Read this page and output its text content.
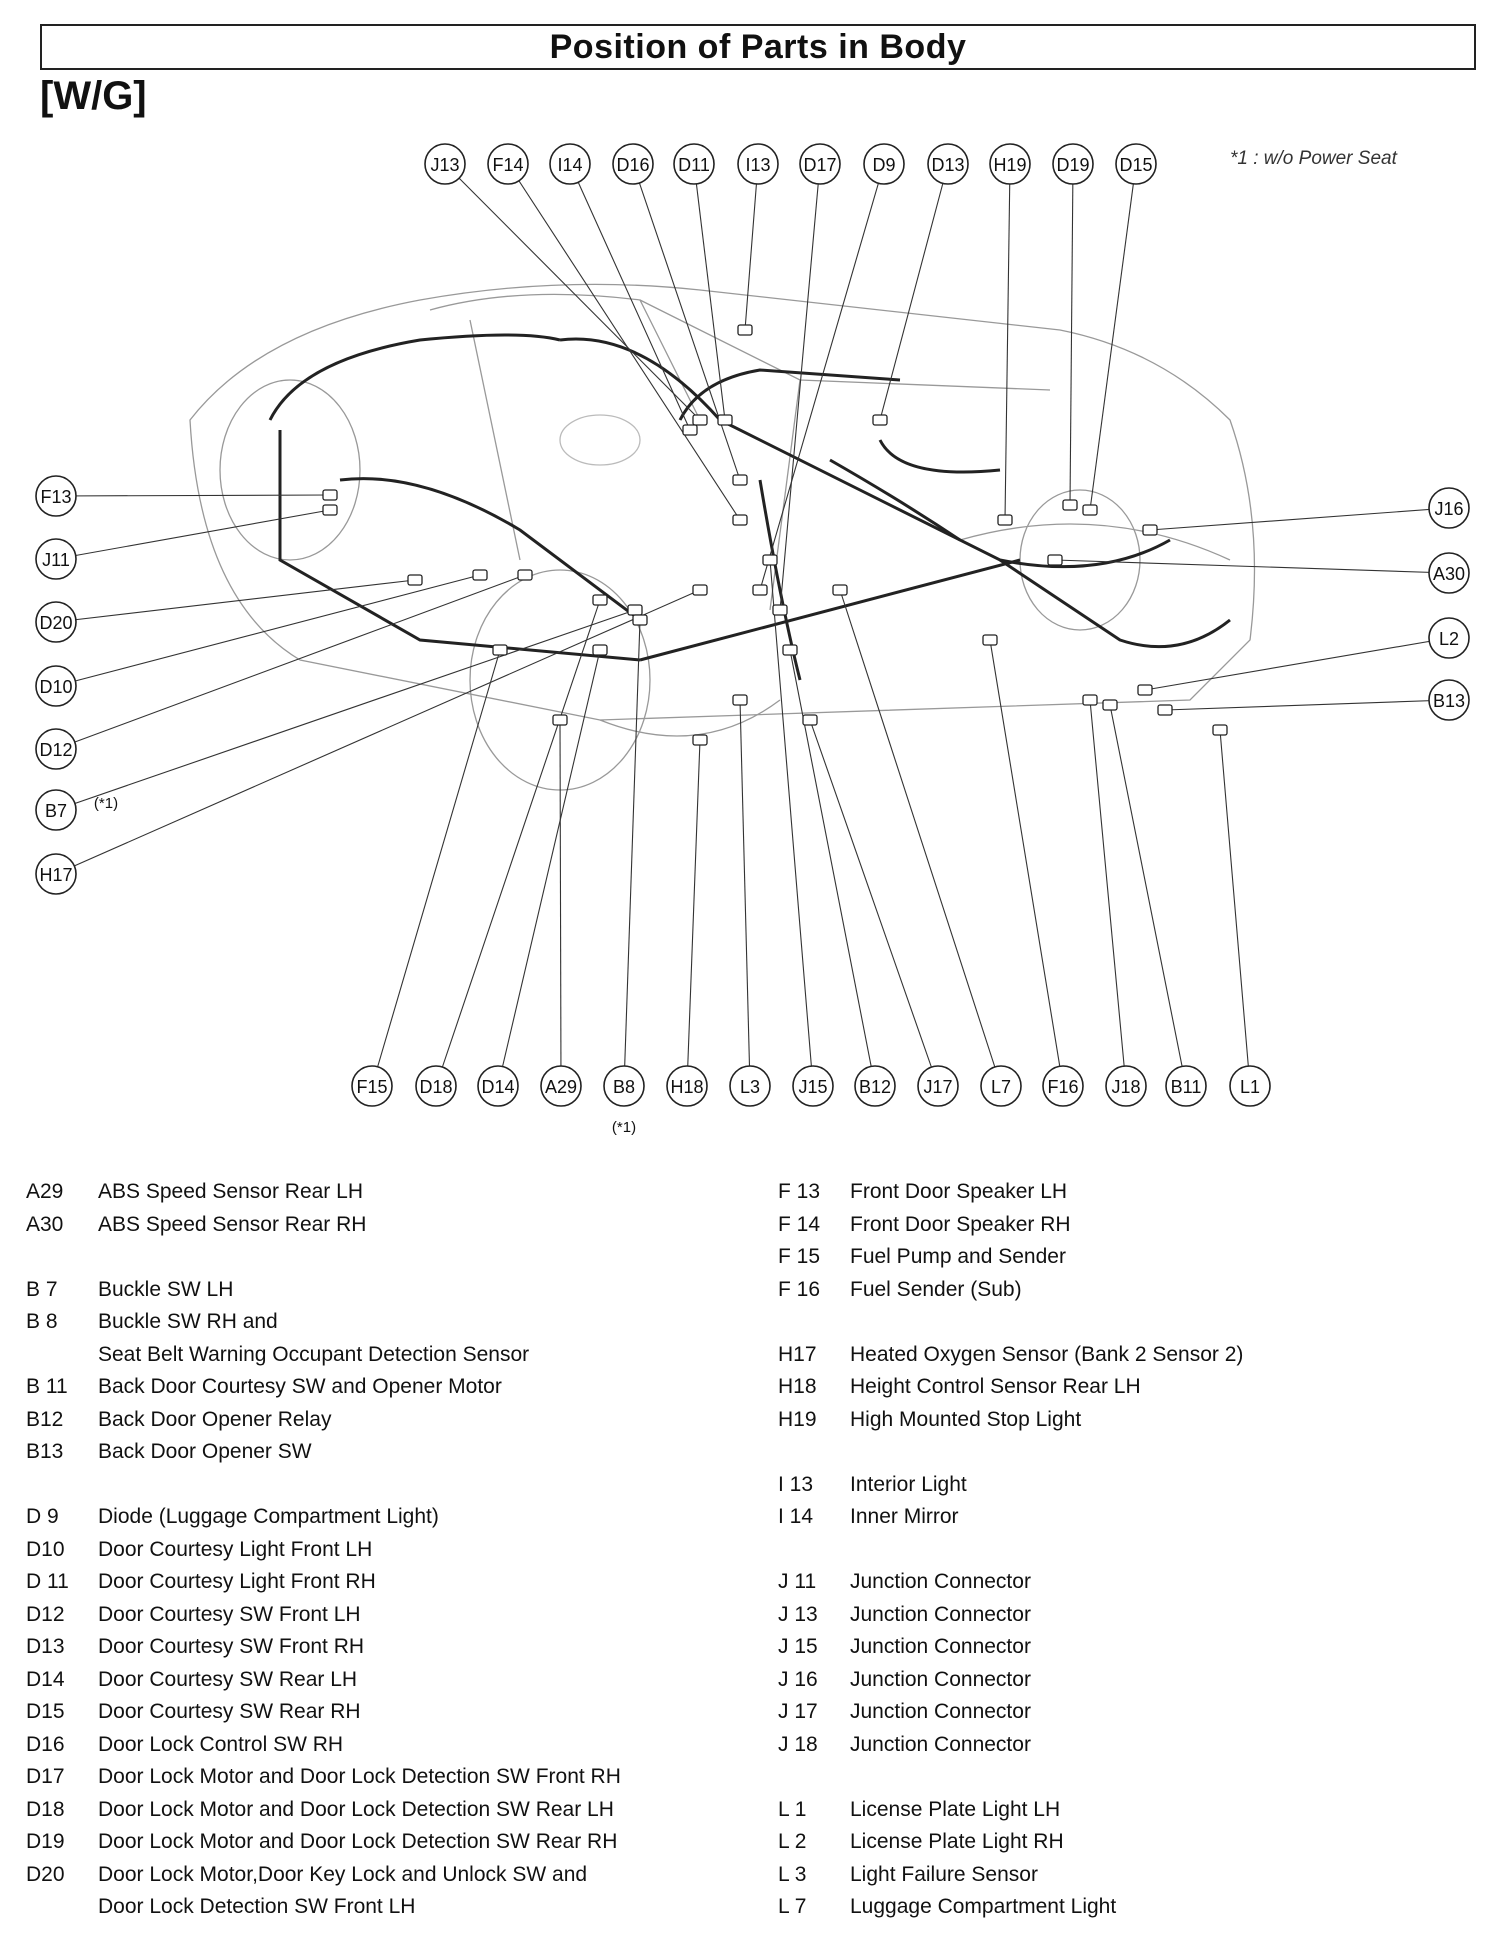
Position of Parts in Body
[W/G]
*1 : w/o Power Seat
J13 F14 I14 D16 D11 I13 D17 D9 D13 H19 D19 D15
F13
J11
D20
D10
D12
B7 (*1)
H17
J16
A30
L2
B13
F15 D18 D14 A29 B8
(*1)
H18 L3 J15 B12 J17 L7 F16 J18 B11 L1
A29	ABS Speed Sensor Rear LH
A30	ABS Speed Sensor Rear RH
B 7	Buckle SW LH
B 8	Buckle SW RH and
Seat Belt Warning Occupant Detection Sensor
B 11	Back Door Courtesy SW and Opener Motor
B12	Back Door Opener Relay
B13	Back Door Opener SW
D 9	Diode (Luggage Compartment Light)
D10	Door Courtesy Light Front LH
D 11	Door Courtesy Light Front RH
D12	Door Courtesy SW Front LH
D13	Door Courtesy SW Front RH
D14	Door Courtesy SW Rear LH
D15	Door Courtesy SW Rear RH
D16	Door Lock Control SW RH
D17	Door Lock Motor and Door Lock Detection SW Front RH
D18	Door Lock Motor and Door Lock Detection SW Rear LH
D19	Door Lock Motor and Door Lock Detection SW Rear RH
D20	Door Lock Motor,Door Key Lock and Unlock SW and
Door Lock Detection SW Front LH
F 13	Front Door Speaker LH
F 14	Front Door Speaker RH
F 15	Fuel Pump and Sender
F 16	Fuel Sender (Sub)
H17	Heated Oxygen Sensor (Bank 2 Sensor 2)
H18	Height Control Sensor Rear LH
H19	High Mounted Stop Light
I 13	Interior Light
I 14	Inner Mirror
J 11	Junction Connector
J 13	Junction Connector
J 15	Junction Connector
J 16	Junction Connector
J 17	Junction Connector
J 18	Junction Connector
L 1	License Plate Light LH
L 2	License Plate Light RH
L 3	Light Failure Sensor
L 7	Luggage Compartment Light
